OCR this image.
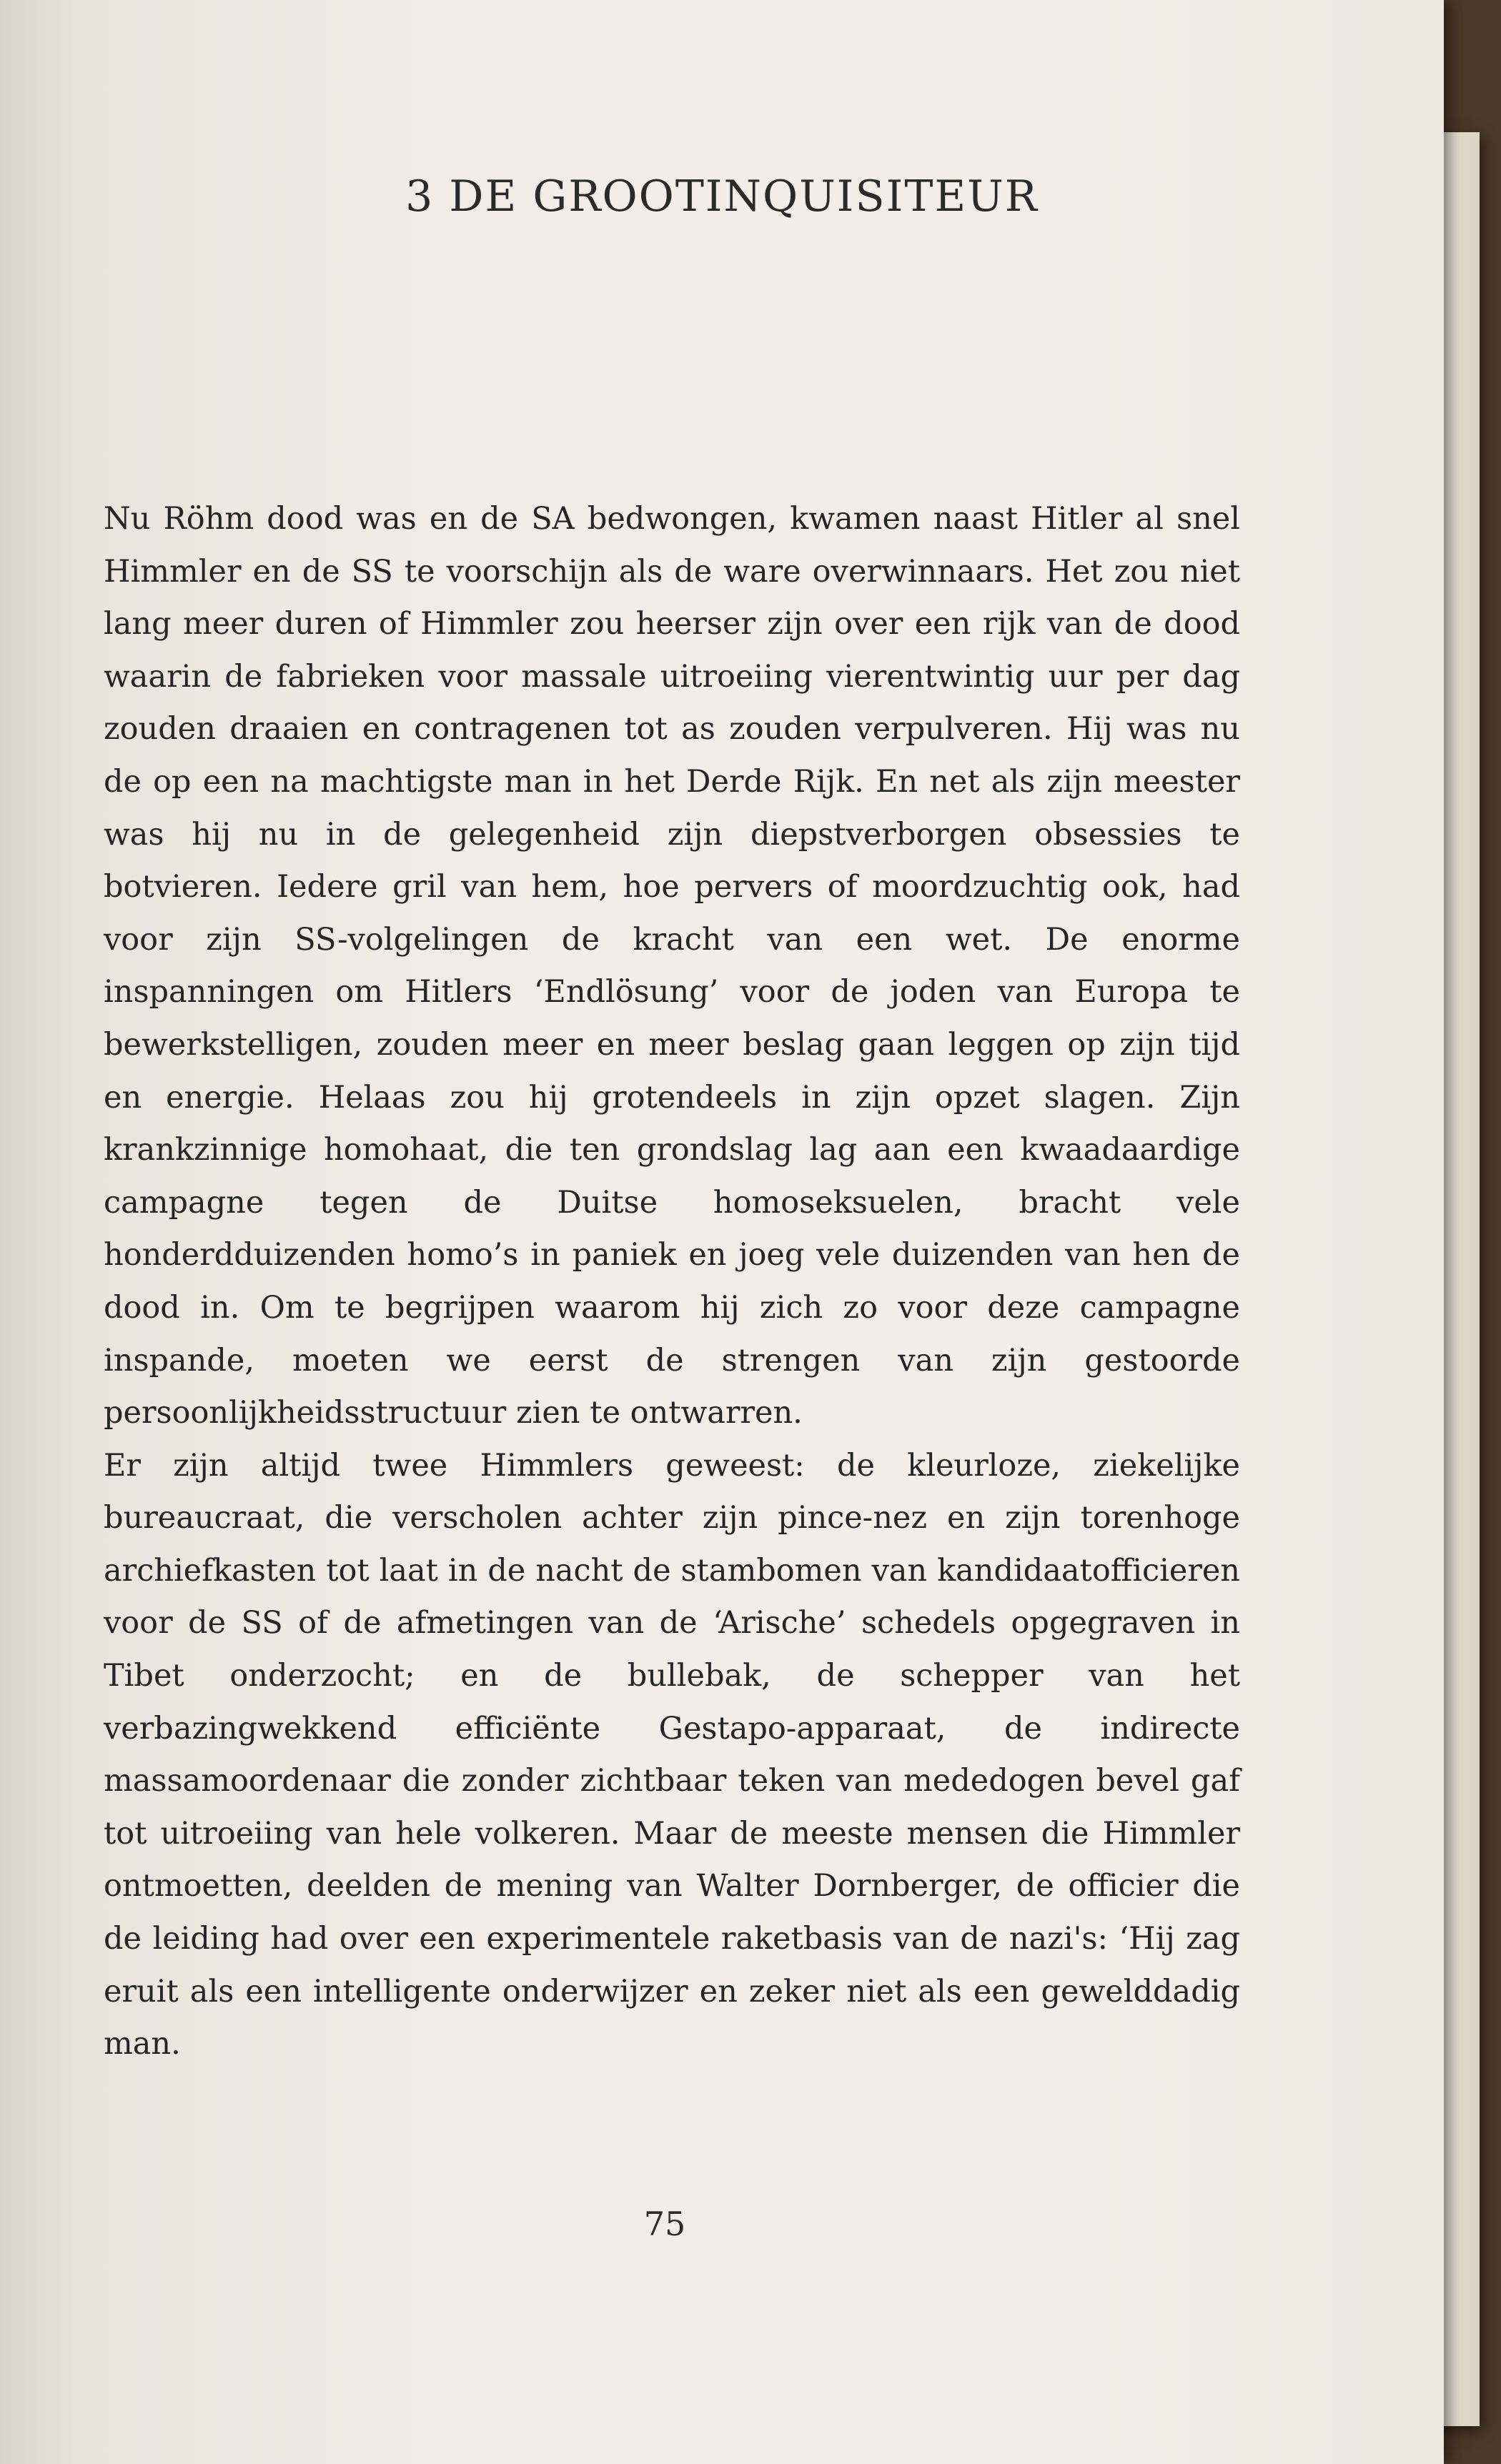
3 DE GROOTINQUISITEUR

Nu Röhm dood was en de SA bedwongen, kwamen naast Hitler al snel Himmler en de SS te voorschijn als de ware overwinnaars. Het zou niet lang meer duren of Himmler zou heerser zijn over een rijk van de dood waarin de fabrieken voor massale uitroeiing vierentwintig uur per dag zouden draaien en contragenen tot as zouden verpulveren. Hij was nu de op een na machtigste man in het Derde Rijk. En net als zijn meester was hij nu in de gelegenheid zijn diepstverborgen obsessies te botvieren. Iedere gril van hem, hoe pervers of moordzuchtig ook, had voor zijn SS-volgelingen de kracht van een wet. De enorme inspanningen om Hitlers ‘Endlösung’ voor de joden van Europa te bewerkstelligen, zouden meer en meer beslag gaan leggen op zijn tijd en energie. Helaas zou hij grotendeels in zijn opzet slagen. Zijn krankzinnige homohaat, die ten grondslag lag aan een kwaadaardige campagne tegen de Duitse homoseksuelen, bracht vele honderdduizenden homo’s in paniek en joeg vele duizenden van hen de dood in. Om te begrijpen waarom hij zich zo voor deze campagne inspande, moeten we eerst de strengen van zijn gestoorde persoonlijkheidsstructuur zien te ontwarren.

Er zijn altijd twee Himmlers geweest: de kleurloze, ziekelijke bureaucraat, die verscholen achter zijn pince-nez en zijn torenhoge archiefkasten tot laat in de nacht de stambomen van kandidaatofficieren voor de SS of de afmetingen van de ‘Arische’ schedels opgegraven in Tibet onderzocht; en de bullebak, de schepper van het verbazingwekkend efficiënte Gestapo-apparaat, de indirecte massamoordenaar die zonder zichtbaar teken van mededogen bevel gaf tot uitroeiing van hele volkeren. Maar de meeste mensen die Himmler ontmoetten, deelden de mening van Walter Dornberger, de officier die de leiding had over een experimentele raketbasis van de nazi's: ‘Hij zag eruit als een intelligente onderwijzer en zeker niet als een gewelddadig man.

75
